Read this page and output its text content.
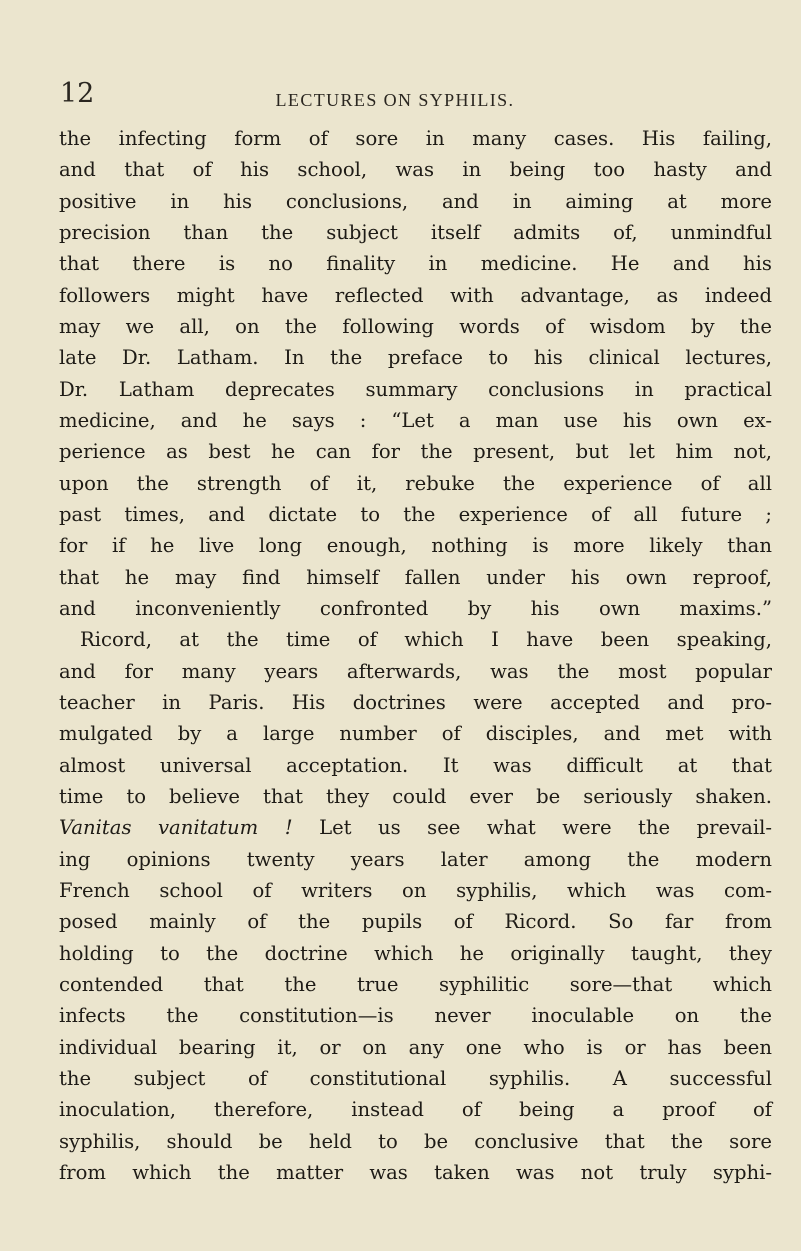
12	LECTURES ON SYPHILIS.
the infecting form of sore in many cases. His failing,
and that of his school, was in being too hasty and
positive in his conclusions, and in aiming at more
precision than the subject itself admits of, unmindful
that there is no finality in medicine. He and his
followers might have reflected with advantage, as indeed
may we all, on the following words of wisdom by the
late Dr. Latham. In the preface to his clinical lectures,
Dr. Latham deprecates summary conclusions in practical
medicine, and he says : “Let a man use his own ex-
perience as best he can for the present, but let him not,
upon the strength of it, rebuke the experience of all
past times, and dictate to the experience of all future ;
for if he live long enough, nothing is more likely than
that he may find himself fallen under his own reproof,
and inconveniently confronted by his own maxims.”
Ricord, at the time of which I have been speaking,
and for many years afterwards, was the most popular
teacher in Paris. His doctrines were accepted and pro-
mulgated by a large number of disciples, and met with
almost universal acceptation. It was difficult at that
time to believe that they could ever be seriously shaken.
Vanitas vanitatum ! Let us see what were the prevail-
ing opinions twenty years later among the modern
French school of writers on syphilis, which was com-
posed mainly of the pupils of Ricord. So far from
holding to the doctrine which he originally taught, they
contended that the true syphilitic sore—that which
infects the constitution—is never inoculable on the
individual bearing it, or on any one who is or has been
the subject of constitutional syphilis. A successful
inoculation, therefore, instead of being a proof of
syphilis, should be held to be conclusive that the sore
from which the matter was taken was not truly syphi-
